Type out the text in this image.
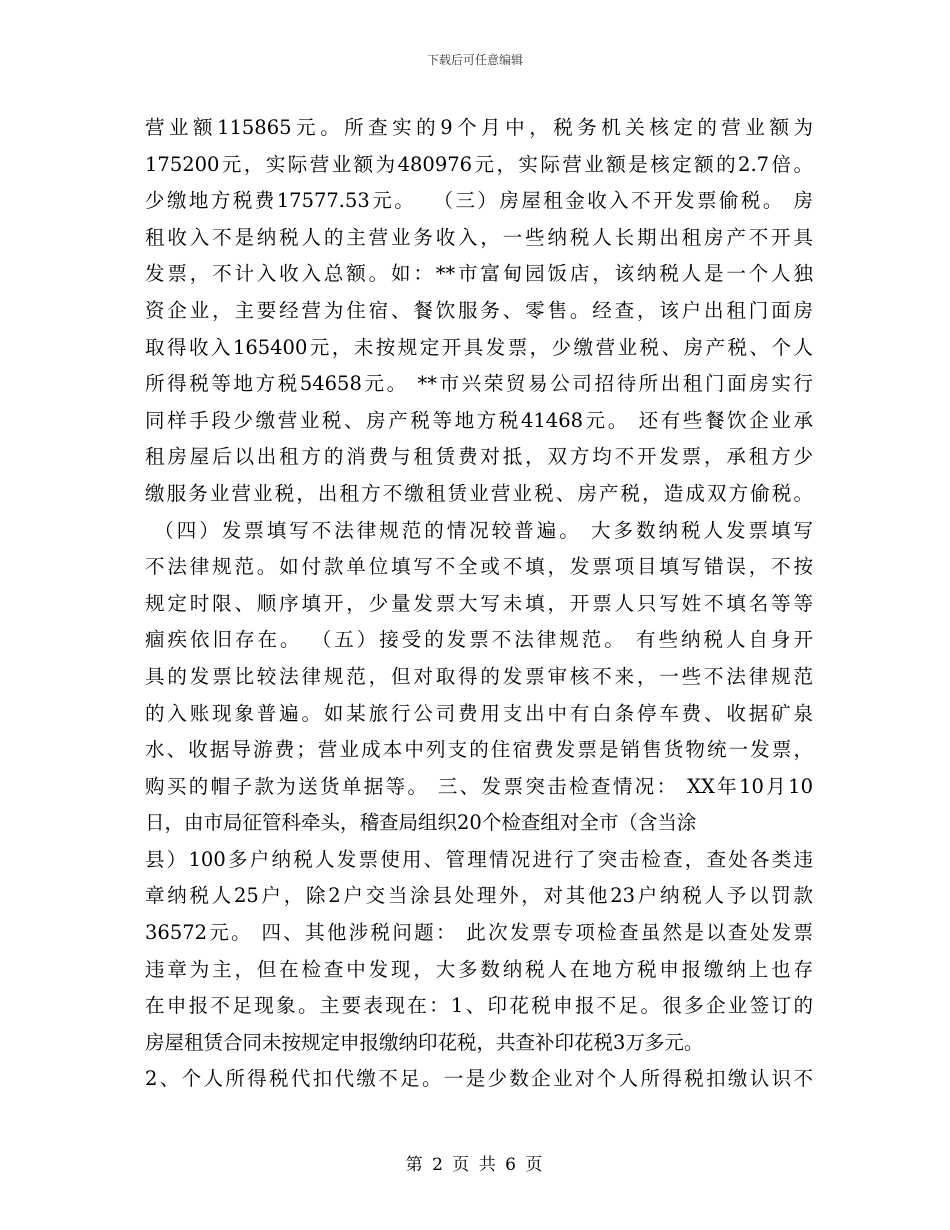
下载后可任意编辑
营业额115865元。所查实的9个月中，税务机关核定的营业额为
175200元，实际营业额为480976元，实际营业额是核定额的2.7倍。
少缴地方税费17577.53元。  （三）房屋租金收入不开发票偷税。 房
租收入不是纳税人的主营业务收入，一些纳税人长期出租房产不开具
发票，不计入收入总额。如：**市富甸园饭店，该纳税人是一个人独
资企业，主要经营为住宿、餐饮服务、零售。经查，该户出租门面房
取得收入165400元，未按规定开具发票，少缴营业税、房产税、个人
所得税等地方税54658元。 **市兴荣贸易公司招待所出租门面房实行
同样手段少缴营业税、房产税等地方税41468元。 还有些餐饮企业承
租房屋后以出租方的消费与租赁费对抵，双方均不开发票，承租方少
缴服务业营业税，出租方不缴租赁业营业税、房产税，造成双方偷税。
（四）发票填写不法律规范的情况较普遍。 大多数纳税人发票填写
不法律规范。如付款单位填写不全或不填，发票项目填写错误，不按
规定时限、顺序填开，少量发票大写未填，开票人只写姓不填名等等
痼疾依旧存在。 （五）接受的发票不法律规范。 有些纳税人自身开
具的发票比较法律规范，但对取得的发票审核不来，一些不法律规范
的入账现象普遍。如某旅行公司费用支出中有白条停车费、收据矿泉
水、收据导游费；营业成本中列支的住宿费发票是销售货物统一发票，
购买的帽子款为送货单据等。 三、发票突击检查情况： XX年10月10
日，由市局征管科牵头，稽查局组织20个检查组对全市（含当涂
县）100多户纳税人发票使用、管理情况进行了突击检查，查处各类违
章纳税人25户，除2户交当涂县处理外，对其他23户纳税人予以罚款
36572元。 四、其他涉税问题： 此次发票专项检查虽然是以查处发票
违章为主，但在检查中发现，大多数纳税人在地方税申报缴纳上也存
在申报不足现象。主要表现在：1、印花税申报不足。很多企业签订的
房屋租赁合同未按规定申报缴纳印花税，共查补印花税3万多元。
2、个人所得税代扣代缴不足。一是少数企业对个人所得税扣缴认识不
第 2 页 共 6 页
